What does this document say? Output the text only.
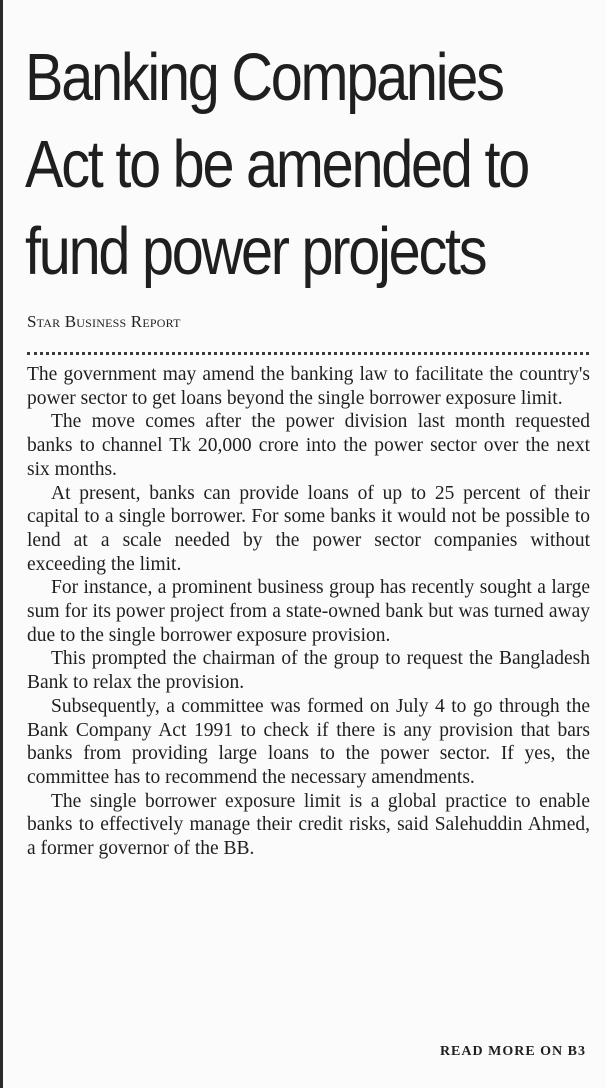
Banking Companies
Act to be amended to
fund power projects
Star Business Report

The government may amend the banking law to facilitate the country's power sector to get loans beyond the single borrower exposure limit.

The move comes after the power division last month requested banks to channel Tk 20,000 crore into the power sector over the next six months.

At present, banks can provide loans of up to 25 percent of their capital to a single borrower. For some banks it would not be possible to lend at a scale needed by the power sector companies without exceeding the limit.

For instance, a prominent business group has recently sought a large sum for its power project from a state-owned bank but was turned away due to the single borrower exposure provision.

This prompted the chairman of the group to request the Bangladesh Bank to relax the provision.

Subsequently, a committee was formed on July 4 to go through the Bank Company Act 1991 to check if there is any provision that bars banks from providing large loans to the power sector. If yes, the committee has to recommend the necessary amendments.

The single borrower exposure limit is a global practice to enable banks to effectively manage their credit risks, said Salehuddin Ahmed, a former governor of the BB.

READ MORE ON B3
